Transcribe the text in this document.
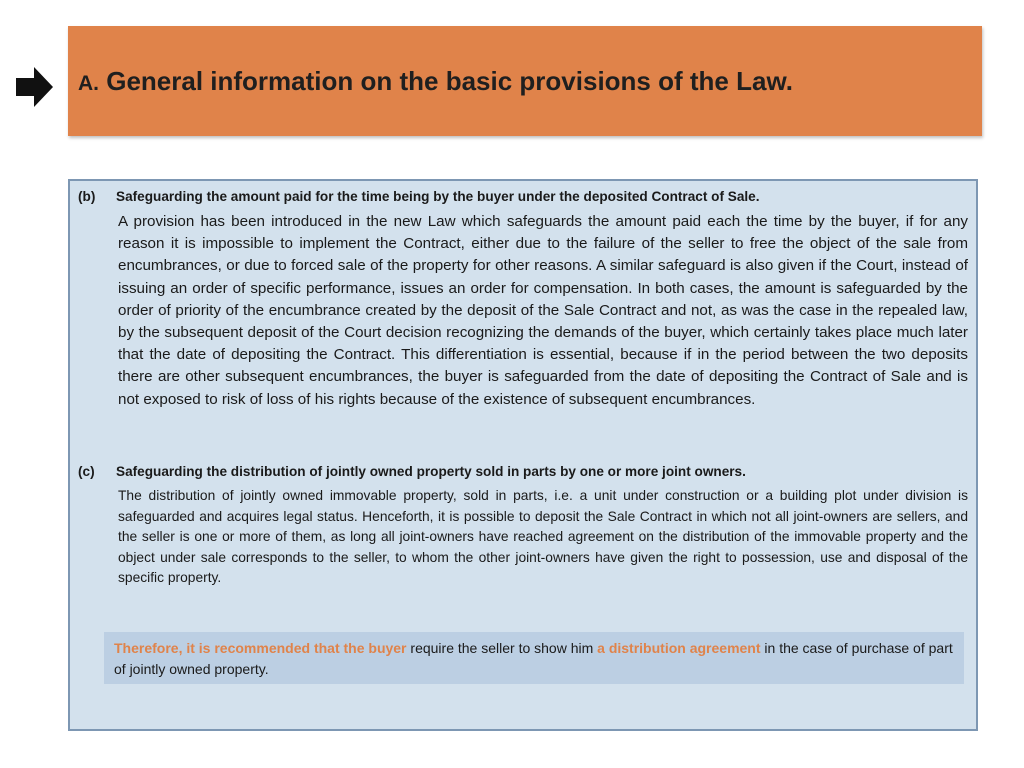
A. General information on the basic provisions of the Law.
(b) Safeguarding the amount paid for the time being by the buyer under the deposited Contract of Sale.
A provision has been introduced in the new Law which safeguards the amount paid each the time by the buyer, if for any reason it is impossible to implement the Contract, either due to the failure of the seller to free the object of the sale from encumbrances, or due to forced sale of the property for other reasons. A similar safeguard is also given if the Court, instead of issuing an order of specific performance, issues an order for compensation. In both cases, the amount is safeguarded by the order of priority of the encumbrance created by the deposit of the Sale Contract and not, as was the case in the repealed law, by the subsequent deposit of the Court decision recognizing the demands of the buyer, which certainly takes place much later that the date of depositing the Contract. This differentiation is essential, because if in the period between the two deposits there are other subsequent encumbrances, the buyer is safeguarded from the date of depositing the Contract of Sale and is not exposed to risk of loss of his rights because of the existence of subsequent encumbrances.
(c) Safeguarding the distribution of jointly owned property sold in parts by one or more joint owners.
The distribution of jointly owned immovable property, sold in parts, i.e. a unit under construction or a building plot under division is safeguarded and acquires legal status. Henceforth, it is possible to deposit the Sale Contract in which not all joint-owners are sellers, and the seller is one or more of them, as long all joint-owners have reached agreement on the distribution of the immovable property and the object under sale corresponds to the seller, to whom the other joint-owners have given the right to possession, use and disposal of the specific property.
Therefore, it is recommended that the buyer require the seller to show him a distribution agreement in the case of purchase of part of jointly owned property.
